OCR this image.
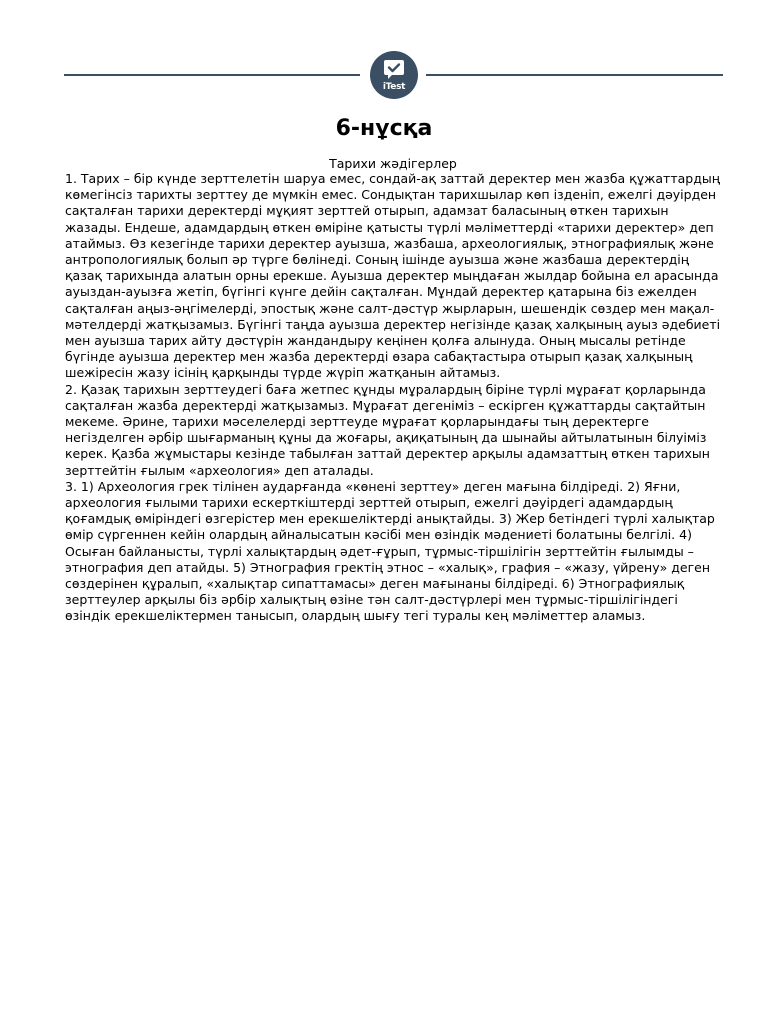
iTest
6-нұсқа
Тарихи жәдігерлер

1. Тарих – бір күнде зерттелетін шаруа емес, сондай-ақ заттай деректер мен жазба құжаттардың көмегінсіз тарихты зерттеу де мүмкін емес. Сондықтан тарихшылар көп ізденіп, ежелгі дәуірден сақталған тарихи деректерді мұқият зерттей отырып, адамзат баласының өткен тарихын жазады. Ендеше, адамдардың өткен өміріне қатысты түрлі мәліметтерді «тарихи деректер» деп атаймыз. Өз кезегінде тарихи деректер ауызша, жазбаша, археологиялық, этнографиялық және антропологиялық болып әр түрге бөлінеді. Соның ішінде ауызша және жазбаша деректердің қазақ тарихында алатын орны ерекше. Ауызша деректер мыңдаған жылдар бойына ел арасында ауыздан-ауызға жетіп, бүгінгі күнге дейін сақталған. Мұндай деректер қатарына біз ежелден сақталған аңыз-әңгімелерді, эпостық және салт-дәстүр жырларын, шешендік сөздер мен мақал-мәтелдерді жатқызамыз. Бүгінгі таңда ауызша деректер негізінде қазақ халқының ауыз әдебиеті мен ауызша тарих айту дәстүрін жандандыру кеңінен қолға алынуда. Оның мысалы ретінде бүгінде ауызша деректер мен жазба деректерді өзара сабақтастыра отырып қазақ халқының шежіресін жазу ісінің қарқынды түрде жүріп жатқанын айтамыз.

2. Қазақ тарихын зерттеудегі баға жетпес құнды мұралардың біріне түрлі мұрағат қорларында сақталған жазба деректерді жатқызамыз. Мұрағат дегеніміз – ескірген құжаттарды сақтайтын мекеме. Әрине, тарихи мәселелерді зерттеуде мұрағат қорларындағы тың деректерге негізделген әрбір шығарманың құны да жоғары, ақиқатының да шынайы айтылатынын білуіміз керек. Қазба жұмыстары кезінде табылған заттай деректер арқылы адамзаттың өткен тарихын зерттейтін ғылым «археология» деп аталады.

3. 1) Археология грек тілінен аударғанда «көнені зерттеу» деген мағына білдіреді. 2) Яғни, археология ғылыми тарихи ескерткіштерді зерттей отырып, ежелгі дәуірдегі адамдардың қоғамдық өміріндегі өзгерістер мен ерекшеліктерді анықтайды. 3) Жер бетіндегі түрлі халықтар өмір сүргеннен кейін олардың айналысатын кәсібі мен өзіндік мәдениеті болатыны белгілі. 4) Осыған байланысты, түрлі халықтардың әдет-ғұрып, тұрмыс-тіршілігін зерттейтін ғылымды – этнография деп атайды. 5) Этнография гректің этнос – «халық», графия – «жазу, үйрену» деген сөздерінен құралып, «халықтар сипаттамасы» деген мағынаны білдіреді. 6) Этнографиялық зерттеулер арқылы біз әрбір халықтың өзіне тән салт-дәстүрлері мен тұрмыс-тіршілігіндегі өзіндік ерекшеліктермен танысып, олардың шығу тегі туралы кең мәліметтер аламыз.
